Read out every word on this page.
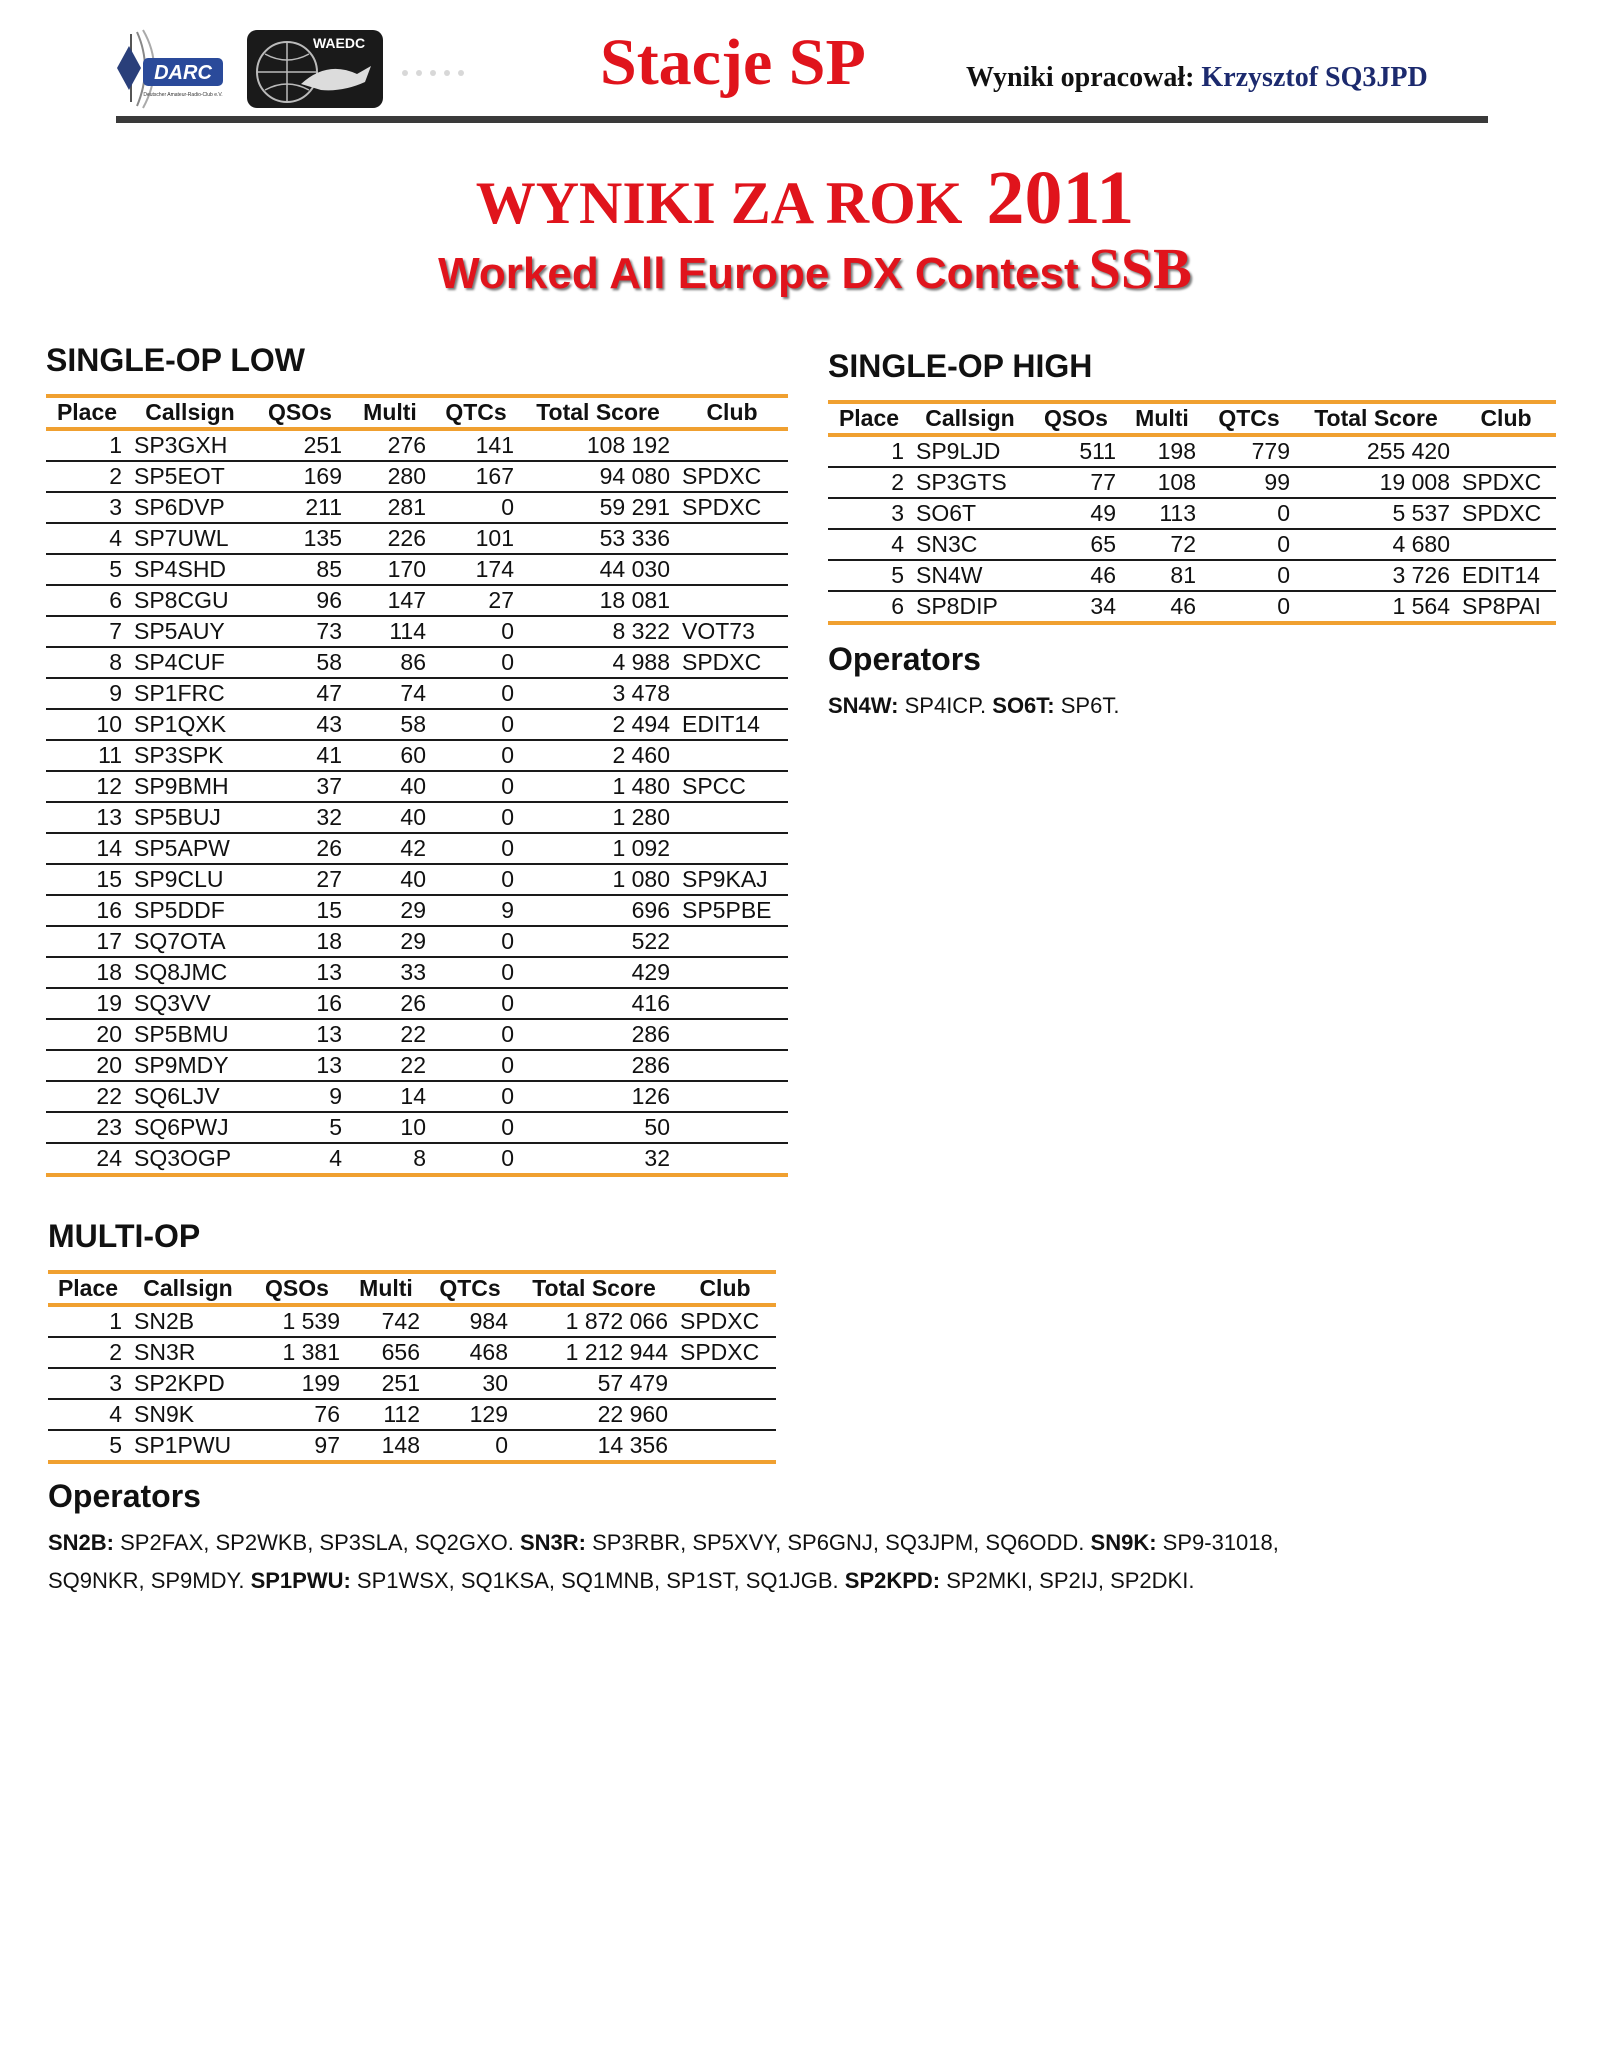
DARC
Deutscher Amateur-Radio-Club e.V.
WAEDC	Stacje SP	Wyniki opracował: Krzysztof SQ3JPD
WYNIKI ZA ROK 2011
Worked All Europe DX Contest SSB
SINGLE-OP LOW
Place	Callsign	QSOs	Multi	QTCs	Total Score	Club
1	SP3GXH	251	276	141	108 192	
2	SP5EOT	169	280	167	94 080	SPDXC
3	SP6DVP	211	281	0	59 291	SPDXC
4	SP7UWL	135	226	101	53 336	
5	SP4SHD	85	170	174	44 030	
6	SP8CGU	96	147	27	18 081	
7	SP5AUY	73	114	0	8 322	VOT73
8	SP4CUF	58	86	0	4 988	SPDXC
9	SP1FRC	47	74	0	3 478	
10	SP1QXK	43	58	0	2 494	EDIT14
11	SP3SPK	41	60	0	2 460	
12	SP9BMH	37	40	0	1 480	SPCC
13	SP5BUJ	32	40	0	1 280	
14	SP5APW	26	42	0	1 092	
15	SP9CLU	27	40	0	1 080	SP9KAJ
16	SP5DDF	15	29	9	696	SP5PBE
17	SQ7OTA	18	29	0	522	
18	SQ8JMC	13	33	0	429	
19	SQ3VV	16	26	0	416	
20	SP5BMU	13	22	0	286	
20	SP9MDY	13	22	0	286	
22	SQ6LJV	9	14	0	126	
23	SQ6PWJ	5	10	0	50	
24	SQ3OGP	4	8	0	32	
SINGLE-OP HIGH
Place	Callsign	QSOs	Multi	QTCs	Total Score	Club
1	SP9LJD	511	198	779	255 420	
2	SP3GTS	77	108	99	19 008	SPDXC
3	SO6T	49	113	0	5 537	SPDXC
4	SN3C	65	72	0	4 680	
5	SN4W	46	81	0	3 726	EDIT14
6	SP8DIP	34	46	0	1 564	SP8PAI
Operators

SN4W: SP4ICP. SO6T: SP6T.

MULTI-OP
Place	Callsign	QSOs	Multi	QTCs	Total Score	Club
1	SN2B	1 539	742	984	1 872 066	SPDXC
2	SN3R	1 381	656	468	1 212 944	SPDXC
3	SP2KPD	199	251	30	57 479	
4	SN9K	76	112	129	22 960	
5	SP1PWU	97	148	0	14 356	
Operators

SN2B: SP2FAX, SP2WKB, SP3SLA, SQ2GXO. SN3R: SP3RBR, SP5XVY, SP6GNJ, SQ3JPM, SQ6ODD. SN9K: SP9-31018, SQ9NKR, SP9MDY. SP1PWU: SP1WSX, SQ1KSA, SQ1MNB, SP1ST, SQ1JGB. SP2KPD: SP2MKI, SP2IJ, SP2DKI.
